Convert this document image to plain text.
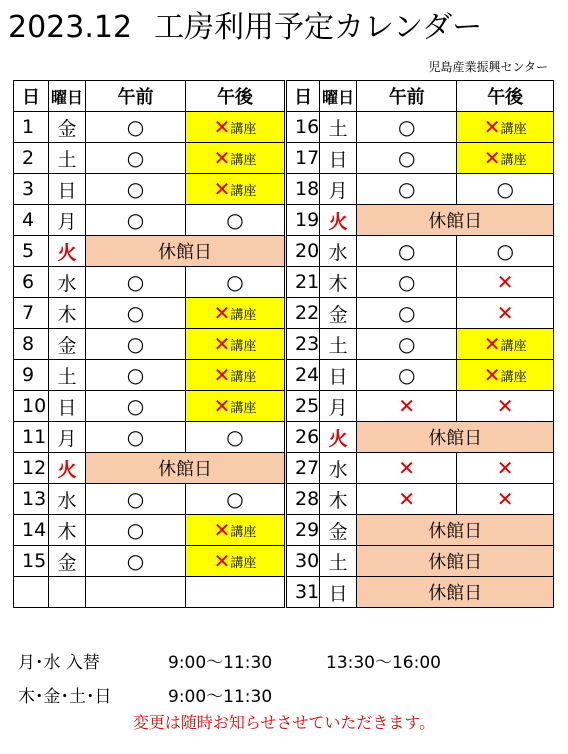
2023.12 工房利用予定カレンダー
児島産業振興センター
日	曜日	午前	午後	日	曜日	午前	午後
1	金	○	✕講座	16	土	○	✕講座
2	土	○	✕講座	17	日	○	✕講座
3	日	○	✕講座	18	月	○	○
4	月	○	○	19	火	休館日	
5	火	休館日		20	水	○	○
6	水	○	○	21	木	○	✕
7	木	○	✕講座	22	金	○	✕
8	金	○	✕講座	23	土	○	✕講座
9	土	○	✕講座	24	日	○	✕講座
10	日	○	✕講座	25	月	✕	✕
11	月	○	○	26	火	休館日	
12	火	休館日		27	水	✕	✕
13	水	○	○	28	木	✕	✕
14	木	○	✕講座	29	金	休館日	
15	金	○	✕講座	30	土	休館日	
				31	日	休館日	
月･水 入替	9:00～11:30	13:30～16:00
木･金･土･日	9:00～11:30
変更は随時お知らせさせていただきます。
